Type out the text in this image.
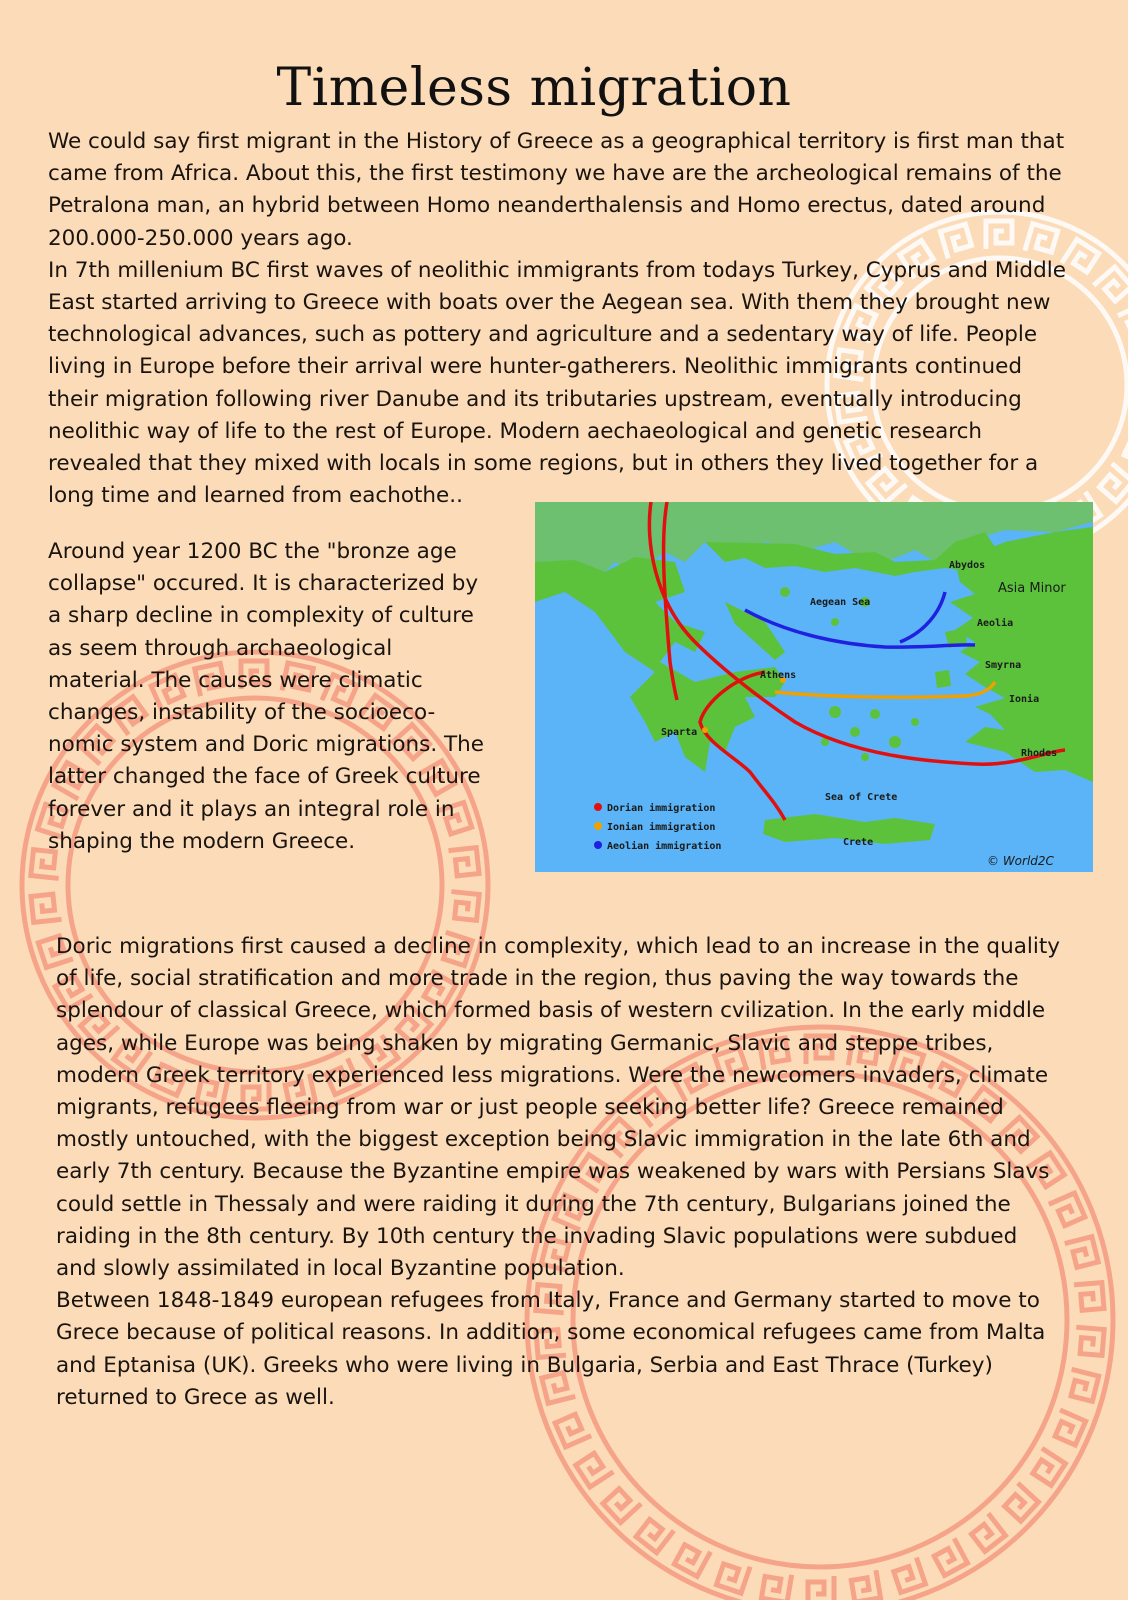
Timeless migration

We could say first migrant in the History of Greece as a geographical territory is first man that
came from Africa. About this, the first testimony we have are the archeological remains of the
Petralona man, an hybrid between Homo neanderthalensis and Homo erectus, dated around
200.000-250.000 years ago.
In 7th millenium BC first waves of neolithic immigrants from todays Turkey, Cyprus and Middle
East started arriving to Greece with boats over the Aegean sea. With them they brought new
technological advances, such as pottery and agriculture and a sedentary way of life. People
living in Europe before their arrival were hunter-gatherers. Neolithic immigrants continued
their migration following river Danube and its tributaries upstream, eventually introducing
neolithic way of life to the rest of Europe. Modern aechaeological and genetic research
revealed that they mixed with locals in some regions, but in others they lived together for a
long time and learned from eachothe..

Around year 1200 BC the "bronze age
collapse" occured. It is characterized by
a sharp decline in complexity of culture
as seem through archaeological
material. The causes were climatic
changes, instability of the socioeco-
nomic system and Doric migrations. The
latter changed the face of Greek culture
forever and it plays an integral role in
shaping the modern Greece.

Abydos
Asia Minor
Aegean Sea
Aeolia
Smyrna
Athens
Ionia
Sparta
Rhodes
Sea of Crete
Crete
Dorian immigration
Ionian immigration
Aeolian immigration
© World2C

Doric migrations first caused a decline in complexity, which lead to an increase in the quality
of life, social stratification and more trade in the region, thus paving the way towards the
splendour of classical Greece, which formed basis of western cvilization. In the early middle
ages, while Europe was being shaken by migrating Germanic, Slavic and steppe tribes,
modern Greek territory experienced less migrations. Were the newcomers invaders, climate
migrants, refugees fleeing from war or just people seeking better life? Greece remained
mostly untouched, with the biggest exception being Slavic immigration in the late 6th and
early 7th century. Because the Byzantine empire was weakened by wars with Persians Slavs
could settle in Thessaly and were raiding it during the 7th century, Bulgarians joined the
raiding in the 8th century. By 10th century the invading Slavic populations were subdued
and slowly assimilated in local Byzantine population.
Between 1848-1849 european refugees from Italy, France and Germany started to move to
Grece because of political reasons. In addition, some economical refugees came from Malta
and Eptanisa (UK). Greeks who were living in Bulgaria, Serbia and East Thrace (Turkey)
returned to Grece as well.
